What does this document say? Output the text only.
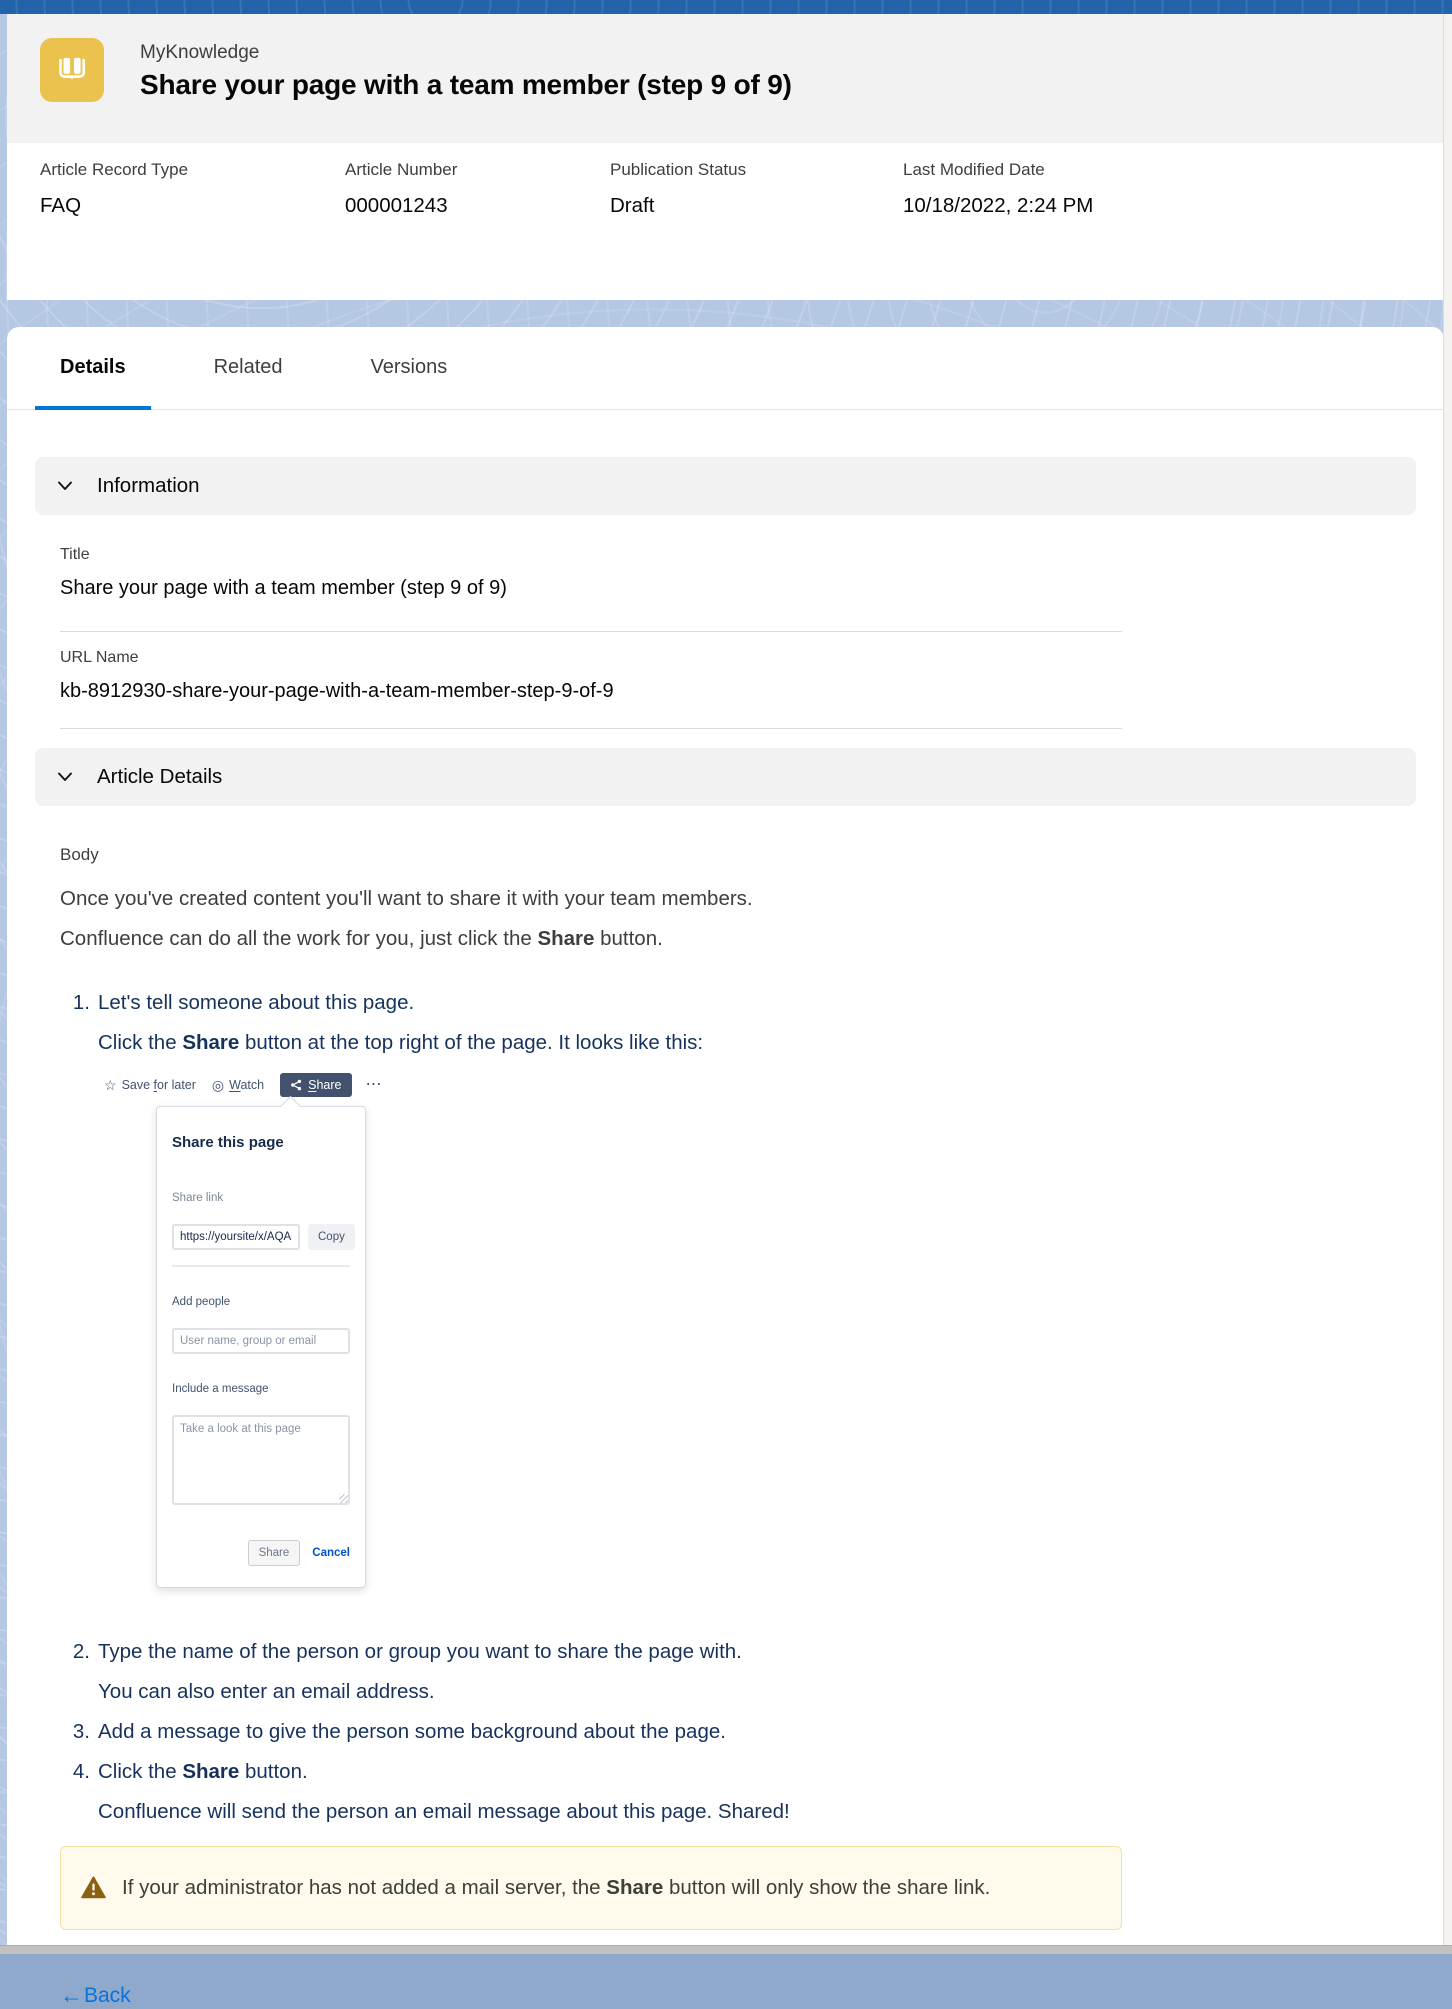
MyKnowledge
Share your page with a team member (step 9 of 9)
Article Record Type
FAQ
Article Number
000001243
Publication Status
Draft
Last Modified Date
10/18/2022, 2:24 PM
Details	Related	Versions
Information
Title
Share your page with a team member (step 9 of 9)
URL Name
kb-8912930-share-your-page-with-a-team-member-step-9-of-9
Article Details
Body

Once you've created content you'll want to share it with your team members.
Confluence can do all the work for you, just click the Share button.

1. Let's tell someone about this page.
Click the Share button at the top right of the page. It looks like this:
☆ Save for later ◎ Watch	Share ⋯
Share this page
Share link
https://yoursite/x/AQAC
Copy
Add people
User name, group or email
Include a message
Take a look at this page
Share	Cancel
2. Type the name of the person or group you want to share the page with.
You can also enter an email address.
3. Add a message to give the person some background about the page.
4. Click the Share button.
Confluence will send the person an email message about this page. Shared!
If your administrator has not added a mail server, the Share button will only show the share link.
← Back
